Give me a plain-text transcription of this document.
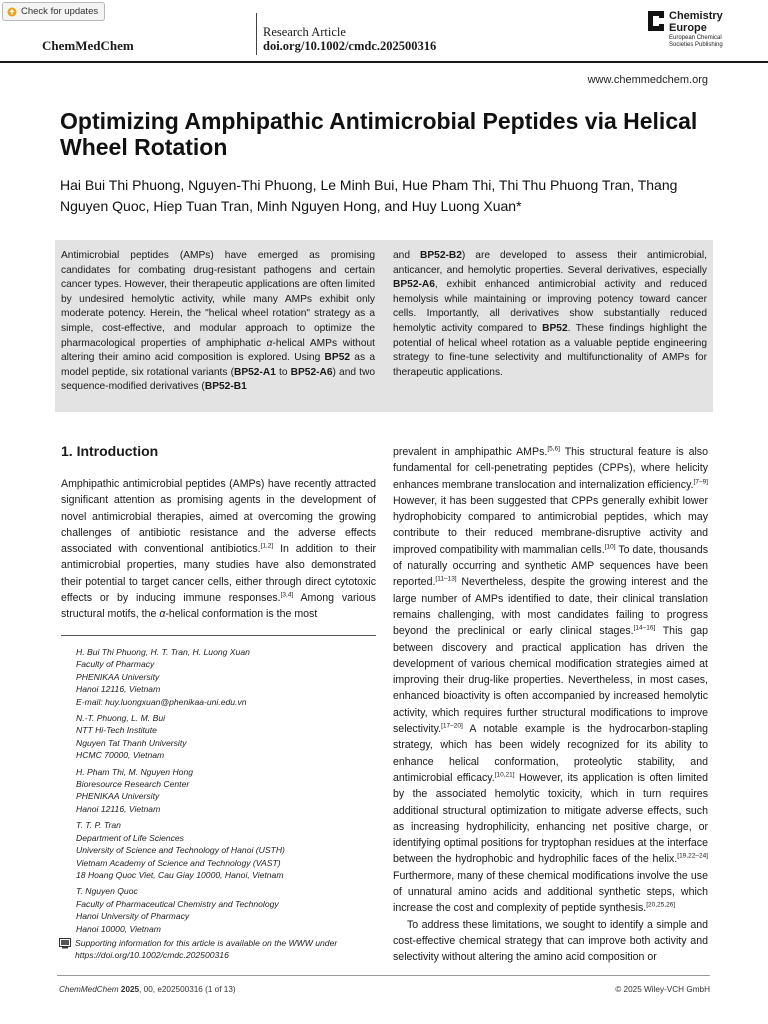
Check for updates
ChemMedChem
Research Article
doi.org/10.1002/cmdc.202500316
Chemistry Europe
European Chemical Societies Publishing
www.chemmedchem.org
Optimizing Amphipathic Antimicrobial Peptides via Helical Wheel Rotation
Hai Bui Thi Phuong, Nguyen-Thi Phuong, Le Minh Bui, Hue Pham Thi, Thi Thu Phuong Tran, Thang Nguyen Quoc, Hiep Tuan Tran, Minh Nguyen Hong, and Huy Luong Xuan*
Antimicrobial peptides (AMPs) have emerged as promising candidates for combating drug-resistant pathogens and certain cancer types. However, their therapeutic applications are often limited by undesired hemolytic activity, while many AMPs exhibit only moderate potency. Herein, the "helical wheel rotation" strategy as a simple, cost-effective, and modular approach to optimize the pharmacological properties of amphiphatic α-helical AMPs without altering their amino acid composition is explored. Using BP52 as a model peptide, six rotational variants (BP52-A1 to BP52-A6) and two sequence-modified derivatives (BP52-B1
and BP52-B2) are developed to assess their antimicrobial, anticancer, and hemolytic properties. Several derivatives, especially BP52-A6, exhibit enhanced antimicrobial activity and reduced hemolysis while maintaining or improving potency toward cancer cells. Importantly, all derivatives show substantially reduced hemolytic activity compared to BP52. These findings highlight the potential of helical wheel rotation as a valuable peptide engineering strategy to fine-tune selectivity and multifunctionality of AMPs for therapeutic applications.
1. Introduction

Amphipathic antimicrobial peptides (AMPs) have recently attracted significant attention as promising agents in the development of novel antimicrobial therapies, aimed at overcoming the growing challenges of antibiotic resistance and the adverse effects associated with conventional antibiotics.[1,2] In addition to their antimicrobial properties, many studies have also demonstrated their potential to target cancer cells, either through direct cytotoxic effects or by inducing immune responses.[3,4] Among various structural motifs, the α-helical conformation is the most

prevalent in amphipathic AMPs.[5,6] This structural feature is also fundamental for cell-penetrating peptides (CPPs), where helicity enhances membrane translocation and internalization efficiency.[7–9] However, it has been suggested that CPPs generally exhibit lower hydrophobicity compared to antimicrobial peptides, which may contribute to their reduced membrane-disruptive activity and improved compatibility with mammalian cells.[10] To date, thousands of naturally occurring and synthetic AMP sequences have been reported.[11–13] Nevertheless, despite the growing interest and the large number of AMPs identified to date, their clinical translation remains challenging, with most candidates failing to progress beyond the preclinical or early clinical stages.[14–16] This gap between discovery and practical application has driven the development of various chemical modification strategies aimed at improving their drug-like properties. Nevertheless, in most cases, enhanced bioactivity is often accompanied by increased hemolytic activity, which requires further structural modifications to improve selectivity.[17–20] A notable example is the hydrocarbon-stapling strategy, which has been widely recognized for its ability to enhance helical conformation, proteolytic stability, and antimicrobial efficacy.[10,21] However, its application is often limited by the associated hemolytic toxicity, which in turn requires additional structural optimization to mitigate adverse effects, such as increasing hydrophilicity, enhancing net positive charge, or identifying optimal positions for tryptophan residues at the interface between the hydrophobic and hydrophilic faces of the helix.[19,22–24] Furthermore, many of these chemical modifications involve the use of unnatural amino acids and additional synthetic steps, which increase the cost and complexity of peptide synthesis.[20,25,26]

To address these limitations, we sought to identify a simple and cost-effective chemical strategy that can improve both activity and selectivity without altering the amino acid composition or

H. Bui Thi Phuong, H. T. Tran, H. Luong Xuan
Faculty of Pharmacy
PHENIKAA University
Hanoi 12116, Vietnam
E-mail: huy.luongxuan@phenikaa-uni.edu.vn
N.-T. Phuong, L. M. Bui
NTT Hi-Tech Institute
Nguyen Tat Thanh University
HCMC 70000, Vietnam
H. Pham Thi, M. Nguyen Hong
Bioresource Research Center
PHENIKAA University
Hanoi 12116, Vietnam
T. T. P. Tran
Department of Life Sciences
University of Science and Technology of Hanoi (USTH)
Vietnam Academy of Science and Technology (VAST)
18 Hoang Quoc Viet, Cau Giay 10000, Hanoi, Vietnam
T. Nguyen Quoc
Faculty of Pharmaceutical Chemistry and Technology
Hanoi University of Pharmacy
Hanoi 10000, Vietnam
Supporting information for this article is available on the WWW under https://doi.org/10.1002/cmdc.202500316
ChemMedChem 2025, 00, e202500316 (1 of 13)	© 2025 Wiley-VCH GmbH
